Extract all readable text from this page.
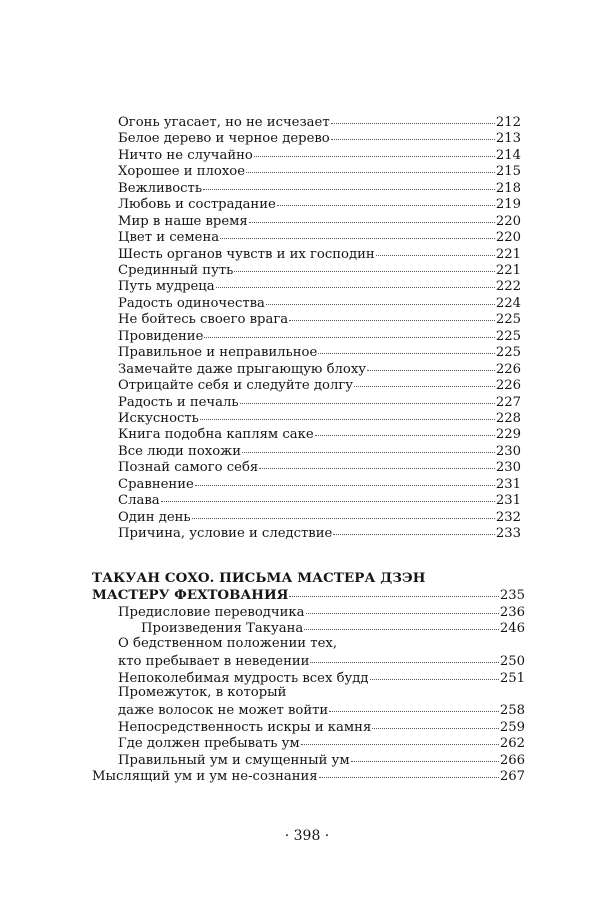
Огонь угасает, но не исчезает	212
Белое дерево и черное дерево	213
Ничто не случайно	214
Хорошее и плохое	215
Вежливость	218
Любовь и сострадание	219
Мир в наше время	220
Цвет и семена	220
Шесть органов чувств и их господин	221
Срединный путь	221
Путь мудреца	222
Радость одиночества	224
Не бойтесь своего врага	225
Провидение	225
Правильное и неправильное	225
Замечайте даже прыгающую блоху	226
Отрицайте себя и следуйте долгу	226
Радость и печаль	227
Искусность	228
Книга подобна каплям саке	229
Все люди похожи	230
Познай самого себя	230
Сравнение	231
Слава	231
Один день	232
Причина, условие и следствие	233
ТАКУАН СОХО. ПИСЬМА МАСТЕРА ДЗЭН
МАСТЕРУ ФЕХТОВАНИЯ	235
Предисловие переводчика	236
Произведения Такуана	246
О бедственном положении тех,
кто пребывает в неведении	250
Непоколебимая мудрость всех будд	251
Промежуток, в который
даже волосок не может войти	258
Непосредственность искры и камня	259
Где должен пребывать ум	262
Правильный ум и смущенный ум	266
Мыслящий ум и ум не-сознания	267
· 398 ·
